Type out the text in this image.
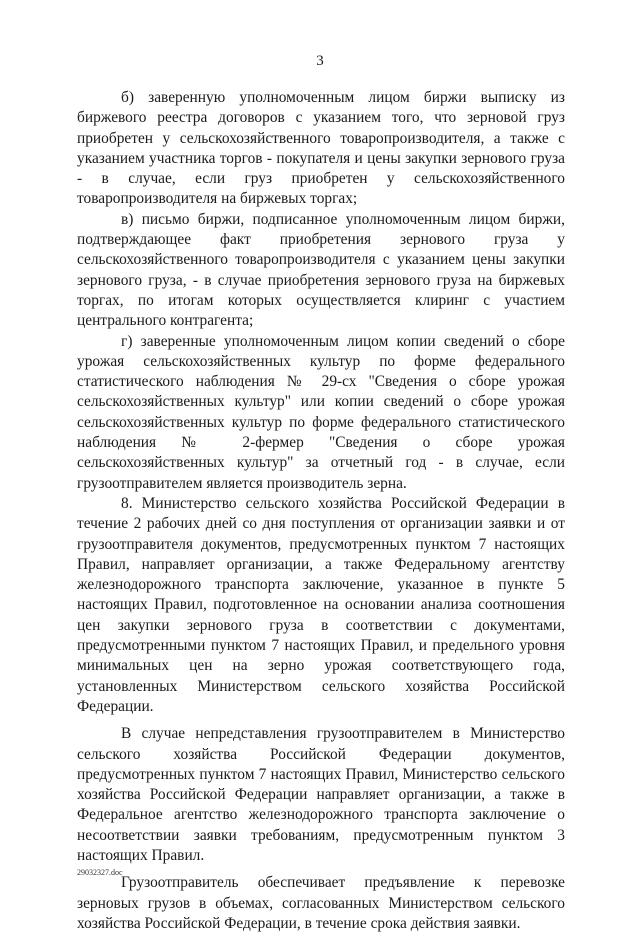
3

б) заверенную уполномоченным лицом биржи выписку из биржевого реестра договоров с указанием того, что зерновой груз приобретен у сельскохозяйственного товаропроизводителя, а также с указанием участника торгов - покупателя и цены закупки зернового груза - в случае, если груз приобретен у сельскохозяйственного товаропроизводителя на биржевых торгах;

в) письмо биржи, подписанное уполномоченным лицом биржи, подтверждающее факт приобретения зернового груза у сельскохозяйственного товаропроизводителя с указанием цены закупки зернового груза, - в случае приобретения зернового груза на биржевых торгах, по итогам которых осуществляется клиринг с участием центрального контрагента;

г) заверенные уполномоченным лицом копии сведений о сборе урожая сельскохозяйственных культур по форме федерального статистического наблюдения № 29-сх "Сведения о сборе урожая сельскохозяйственных культур" или копии сведений о сборе урожая сельскохозяйственных культур по форме федерального статистического наблюдения № 2-фермер "Сведения о сборе урожая сельскохозяйственных культур" за отчетный год - в случае, если грузоотправителем является производитель зерна.

8. Министерство сельского хозяйства Российской Федерации в течение 2 рабочих дней со дня поступления от организации заявки и от грузоотправителя документов, предусмотренных пунктом 7 настоящих Правил, направляет организации, а также Федеральному агентству железнодорожного транспорта заключение, указанное в пункте 5 настоящих Правил, подготовленное на основании анализа соотношения цен закупки зернового груза в соответствии с документами, предусмотренными пунктом 7 настоящих Правил, и предельного уровня минимальных цен на зерно урожая соответствующего года, установленных Министерством сельского хозяйства Российской Федерации.

В случае непредставления грузоотправителем в Министерство сельского хозяйства Российской Федерации документов, предусмотренных пунктом 7 настоящих Правил, Министерство сельского хозяйства Российской Федерации направляет организации, а также в Федеральное агентство железнодорожного транспорта заключение о несоответствии заявки требованиям, предусмотренным пунктом 3 настоящих Правил.

Грузоотправитель обеспечивает предъявление к перевозке зерновых грузов в объемах, согласованных Министерством сельского хозяйства Российской Федерации, в течение срока действия заявки.

29032327.doc
